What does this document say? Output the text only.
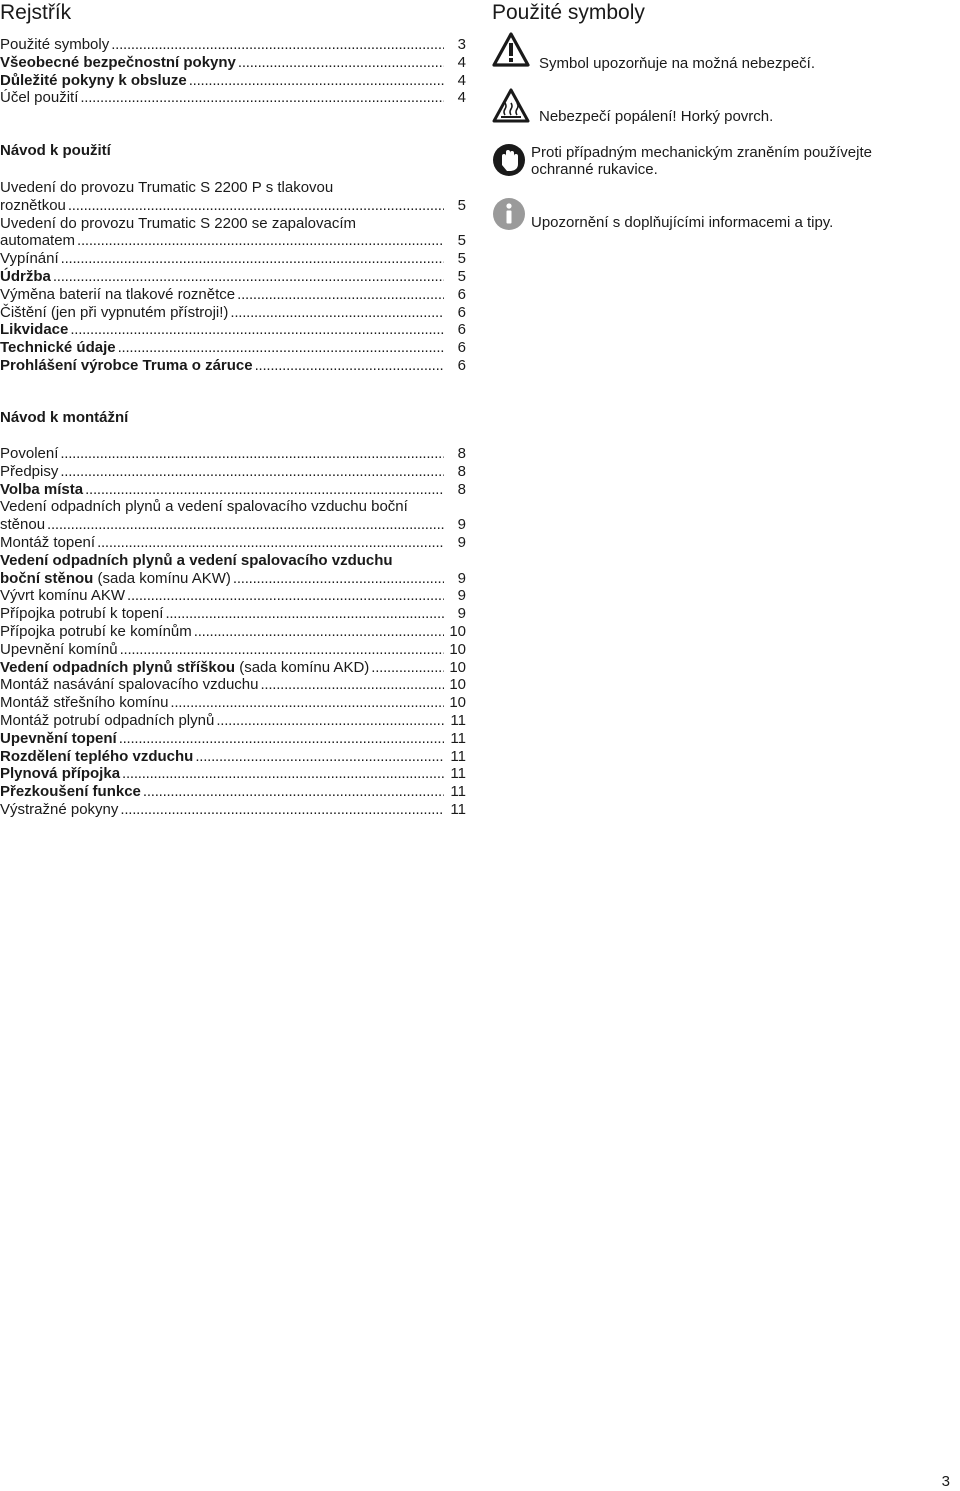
Rejstřík
Použité symboly . . .	3
Všeobecné bezpečnostní pokyny . . .	4
Důležité pokyny k obsluze . . .	4
Účel použití . . .	4
Návod k použití
Uvedení do provozu Trumatic S 2200 P s tlakovou
roznětkou . . .	5
Uvedení do provozu Trumatic S 2200 se zapalovacím
automatem . . .	5
Vypínání . . .	5
Údržba . . .	5
Výměna baterií na tlakové roznětce . . .	6
Čištění (jen při vypnutém přístroji!) . . .	6
Likvidace . . .	6
Technické údaje . . .	6
Prohlášení výrobce Truma o záruce . . .	6
Návod k montážní
Povolení . . .	8
Předpisy . . .	8
Volba místa . . .	8
Vedení odpadních plynů a vedení spalovacího vzduchu boční
stěnou . . .	9
Montáž topení . . .	9
Vedení odpadních plynů a vedení spalovacího vzduchu
boční stěnou (sada komínu AKW) . . .	9
Vývrt komínu AKW . . .	9
Přípojka potrubí k topení . . .	9
Přípojka potrubí ke komínům . . .	10
Upevnění komínů . . .	10
Vedení odpadních plynů stříškou (sada komínu AKD) . . .	10
Montáž nasávání spalovacího vzduchu . . .	10
Montáž střešního komínu . . .	10
Montáž potrubí odpadních plynů . . .	11
Upevnění topení . . .	11
Rozdělení teplého vzduchu . . .	11
Plynová přípojka . . .	11
Přezkoušení funkce . . .	11
Výstražné pokyny . . .	11
Použité symboly
Symbol upozorňuje na možná nebezpečí.
Nebezpečí popálení! Horký povrch.
Proti případným mechanickým zraněním používejte ochranné rukavice.
Upozornění s doplňujícími informacemi a tipy.
3
